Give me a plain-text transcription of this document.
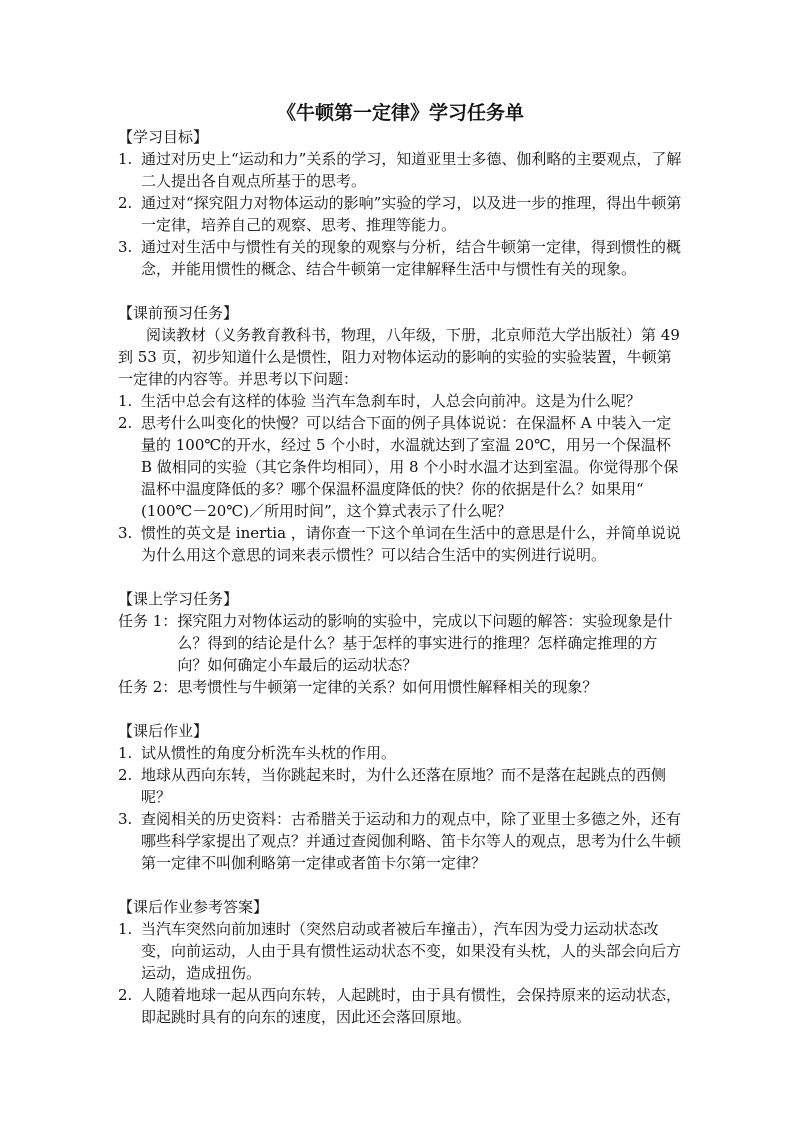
《牛顿第一定律》学习任务单
【学习目标】
1. 通过对历史上“运动和力”关系的学习，知道亚里士多德、伽利略的主要观点，了解二人提出各自观点所基于的思考。
2. 通过对“探究阻力对物体运动的影响”实验的学习，以及进一步的推理，得出牛顿第一定律，培养自己的观察、思考、推理等能力。
3. 通过对生活中与惯性有关的现象的观察与分析，结合牛顿第一定律，得到惯性的概念，并能用惯性的概念、结合牛顿第一定律解释生活中与惯性有关的现象。
【课前预习任务】

阅读教材（义务教育教科书，物理，八年级，下册，北京师范大学出版社）第 49 到 53 页，初步知道什么是惯性，阻力对物体运动的影响的实验的实验装置，牛顿第一定律的内容等。并思考以下问题：

1. 生活中总会有这样的体验 当汽车急刹车时，人总会向前冲。这是为什么呢？
2. 思考什么叫变化的快慢？可以结合下面的例子具体说说：在保温杯 A 中装入一定量的 100℃的开水，经过 5 个小时，水温就达到了室温 20℃，用另一个保温杯 B 做相同的实验（其它条件均相同），用 8 个小时水温才达到室温。你觉得那个保温杯中温度降低的多？哪个保温杯温度降低的快？你的依据是什么？如果用“ (100℃－20℃)／所用时间”，这个算式表示了什么呢？
3. 惯性的英文是 inertia ，请你查一下这个单词在生活中的意思是什么，并简单说说为什么用这个意思的词来表示惯性？可以结合生活中的实例进行说明。
【课上学习任务】
任务 1： 探究阻力对物体运动的影响的实验中，完成以下问题的解答：实验现象是什么？得到的结论是什么？基于怎样的事实进行的推理？怎样确定推理的方向？如何确定小车最后的运动状态？
任务 2： 思考惯性与牛顿第一定律的关系？如何用惯性解释相关的现象？
【课后作业】
1. 试从惯性的角度分析洗车头枕的作用。
2. 地球从西向东转，当你跳起来时，为什么还落在原地？而不是落在起跳点的西侧呢？
3. 查阅相关的历史资料：古希腊关于运动和力的观点中，除了亚里士多德之外，还有哪些科学家提出了观点？并通过查阅伽利略、笛卡尔等人的观点，思考为什么牛顿第一定律不叫伽利略第一定律或者笛卡尔第一定律？
【课后作业参考答案】
1. 当汽车突然向前加速时（突然启动或者被后车撞击），汽车因为受力运动状态改变，向前运动，人由于具有惯性运动状态不变，如果没有头枕，人的头部会向后方运动，造成扭伤。
2. 人随着地球一起从西向东转，人起跳时，由于具有惯性，会保持原来的运动状态，即起跳时具有的向东的速度，因此还会落回原地。
